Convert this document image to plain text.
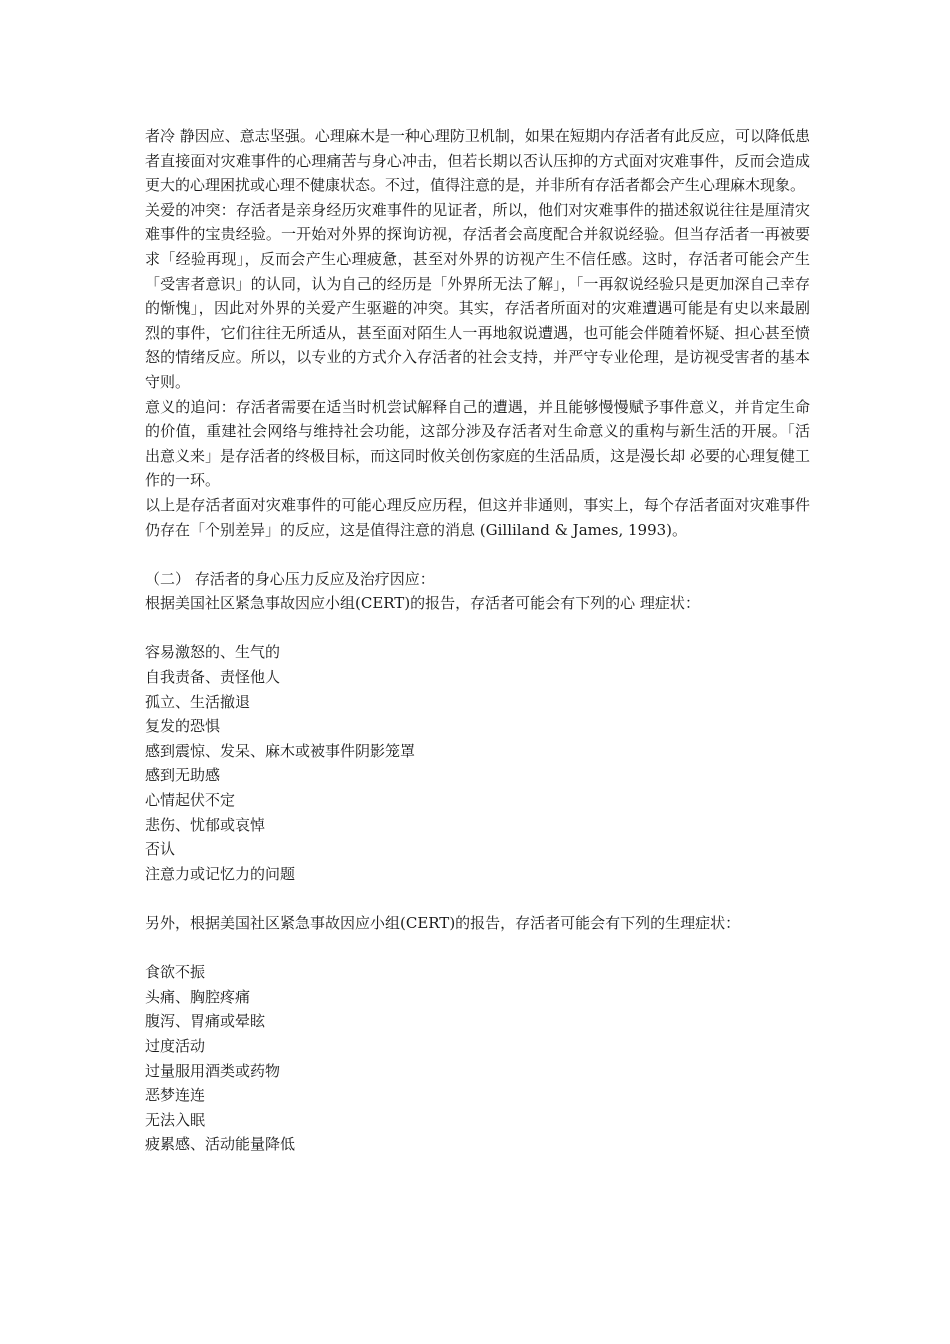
者冷 静因应、意志坚强。心理麻木是一种心理防卫机制，如果在短期内存活者有此反应，可以降低患者直接面对灾难事件的心理痛苦与身心冲击，但若长期以否认压抑的方式面对灾难事件，反而会造成更大的心理困扰或心理不健康状态。不过，值得注意的是，并非所有存活者都会产生心理麻木现象。

关爱的冲突：存活者是亲身经历灾难事件的见证者，所以，他们对灾难事件的描述叙说往往是厘清灾难事件的宝贵经验。一开始对外界的探询访视，存活者会高度配合并叙说经验。但当存活者一再被要求「经验再现」，反而会产生心理疲惫，甚至对外界的访视产生不信任感。这时，存活者可能会产生「受害者意识」的认同，认为自己的经历是「外界所无法了解」，「一再叙说经验只是更加深自己幸存的惭愧」，因此对外界的关爱产生驱避的冲突。其实，存活者所面对的灾难遭遇可能是有史以来最剧烈的事件，它们往往无所适从，甚至面对陌生人一再地叙说遭遇，也可能会伴随着怀疑、担心甚至愤怒的情绪反应。所以，以专业的方式介入存活者的社会支持，并严守专业伦理，是访视受害者的基本守则。

意义的追问：存活者需要在适当时机尝试解释自己的遭遇，并且能够慢慢赋予事件意义，并肯定生命的价值，重建社会网络与维持社会功能，这部分涉及存活者对生命意义的重构与新生活的开展。「活出意义来」是存活者的终极目标，而这同时攸关创伤家庭的生活品质，这是漫长却 必要的心理复健工作的一环。

以上是存活者面对灾难事件的可能心理反应历程，但这并非通则，事实上，每个存活者面对灾难事件仍存在「个别差异」的反应，这是值得注意的消息 (Gilliland & James, 1993)。

（二） 存活者的身心压力反应及治疗因应：

根据美国社区紧急事故因应小组(CERT)的报告，存活者可能会有下列的心 理症状：

容易激怒的、生气的
自我责备、责怪他人
孤立、生活撤退
复发的恐惧
感到震惊、发呆、麻木或被事件阴影笼罩
感到无助感
心情起伏不定
悲伤、忧郁或哀悼
否认
注意力或记忆力的问题

另外，根据美国社区紧急事故因应小组(CERT)的报告，存活者可能会有下列的生理症状：

食欲不振
头痛、胸腔疼痛
腹泻、胃痛或晕眩
过度活动
过量服用酒类或药物
恶梦连连
无法入眠
疲累感、活动能量降低
